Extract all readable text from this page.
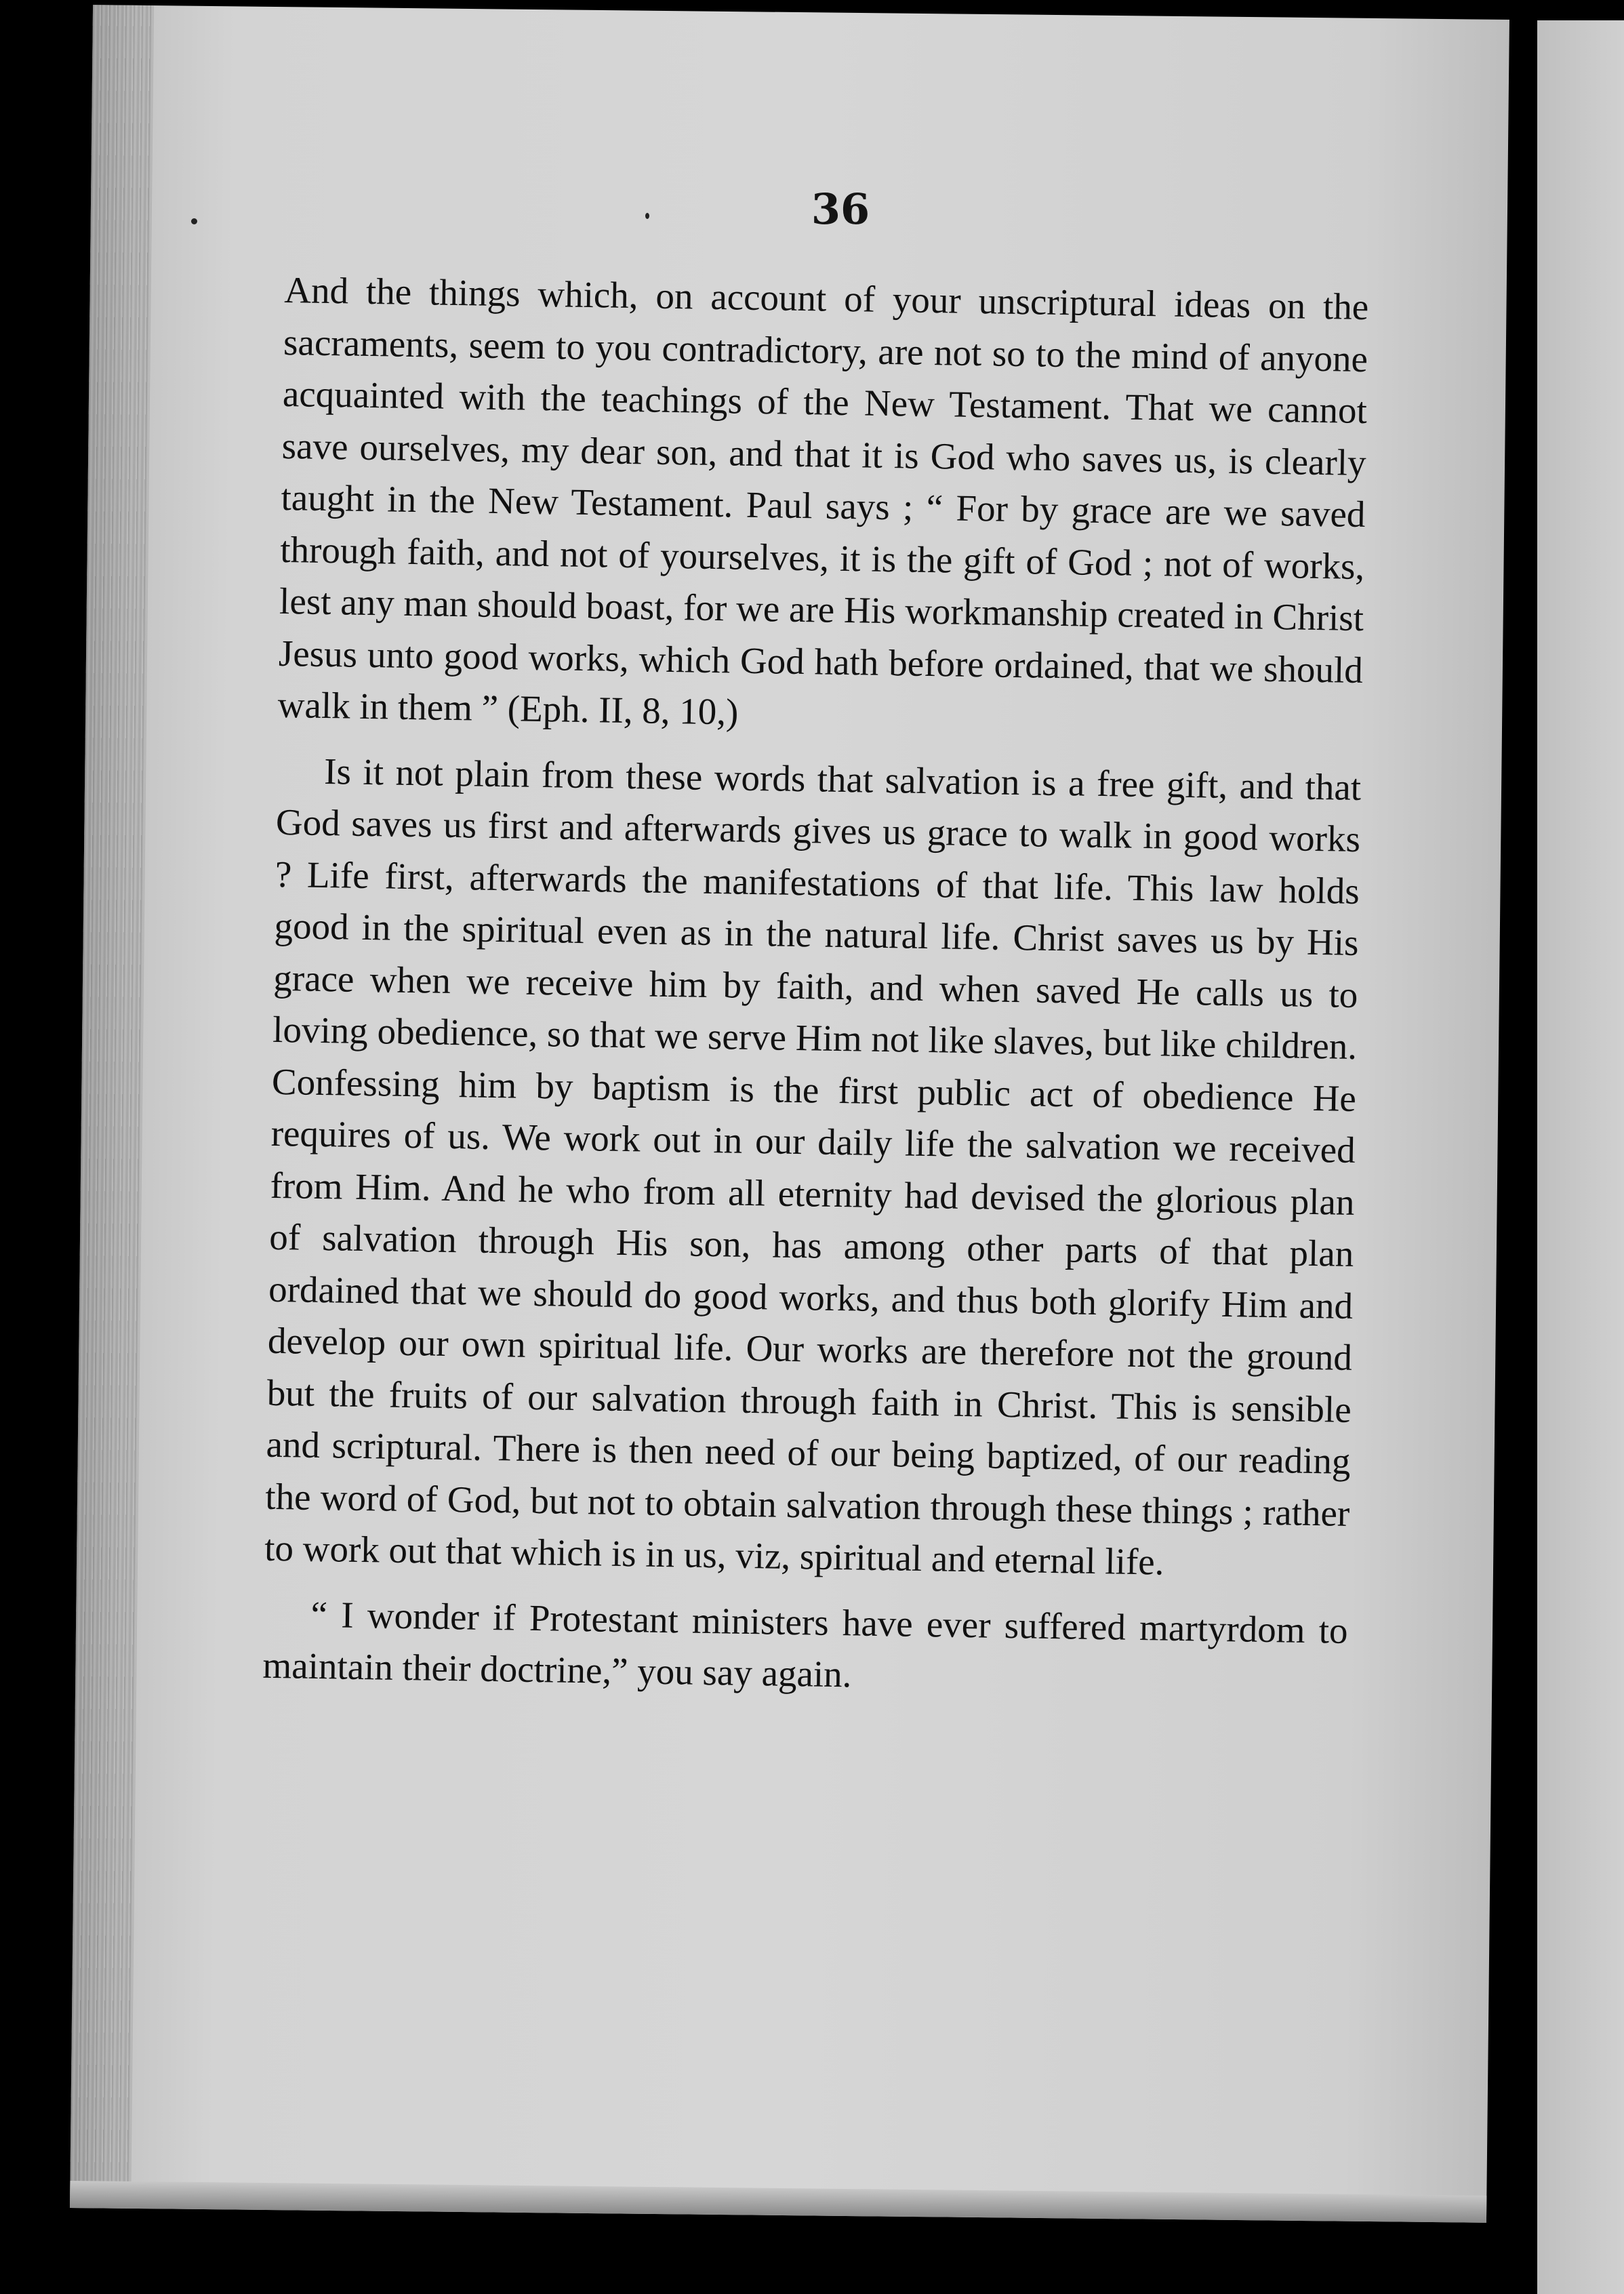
36

And the things which, on account of your unscriptural ideas on the sacraments, seem to you contradictory, are not so to the mind of anyone acquainted with the teachings of the New Testament. That we cannot save ourselves, my dear son, and that it is God who saves us, is clearly taught in the New Testament. Paul says ; “ For by grace are we saved through faith, and not of yourselves, it is the gift of God ; not of works, lest any man should boast, for we are His workmanship created in Christ Jesus unto good works, which God hath before ordained, that we should walk in them ” (Eph. II, 8, 10,)

Is it not plain from these words that salvation is a free gift, and that God saves us first and afterwards gives us grace to walk in good works ? Life first, afterwards the manifestations of that life. This law holds good in the spiritual even as in the natural life. Christ saves us by His grace when we receive him by faith, and when saved He calls us to loving obedience, so that we serve Him not like slaves, but like children. Confessing him by baptism is the first public act of obedience He requires of us. We work out in our daily life the salvation we received from Him. And he who from all eternity had devised the glorious plan of salvation through His son, has among other parts of that plan ordained that we should do good works, and thus both glorify Him and develop our own spiritual life. Our works are therefore not the ground but the fruits of our salvation through faith in Christ. This is sensible and scriptural. There is then need of our being baptized, of our reading the word of God, but not to obtain salvation through these things ; rather to work out that which is in us, viz, spiritual and eternal life.

“ I wonder if Protestant ministers have ever suffered martyrdom to maintain their doctrine,” you say again.
